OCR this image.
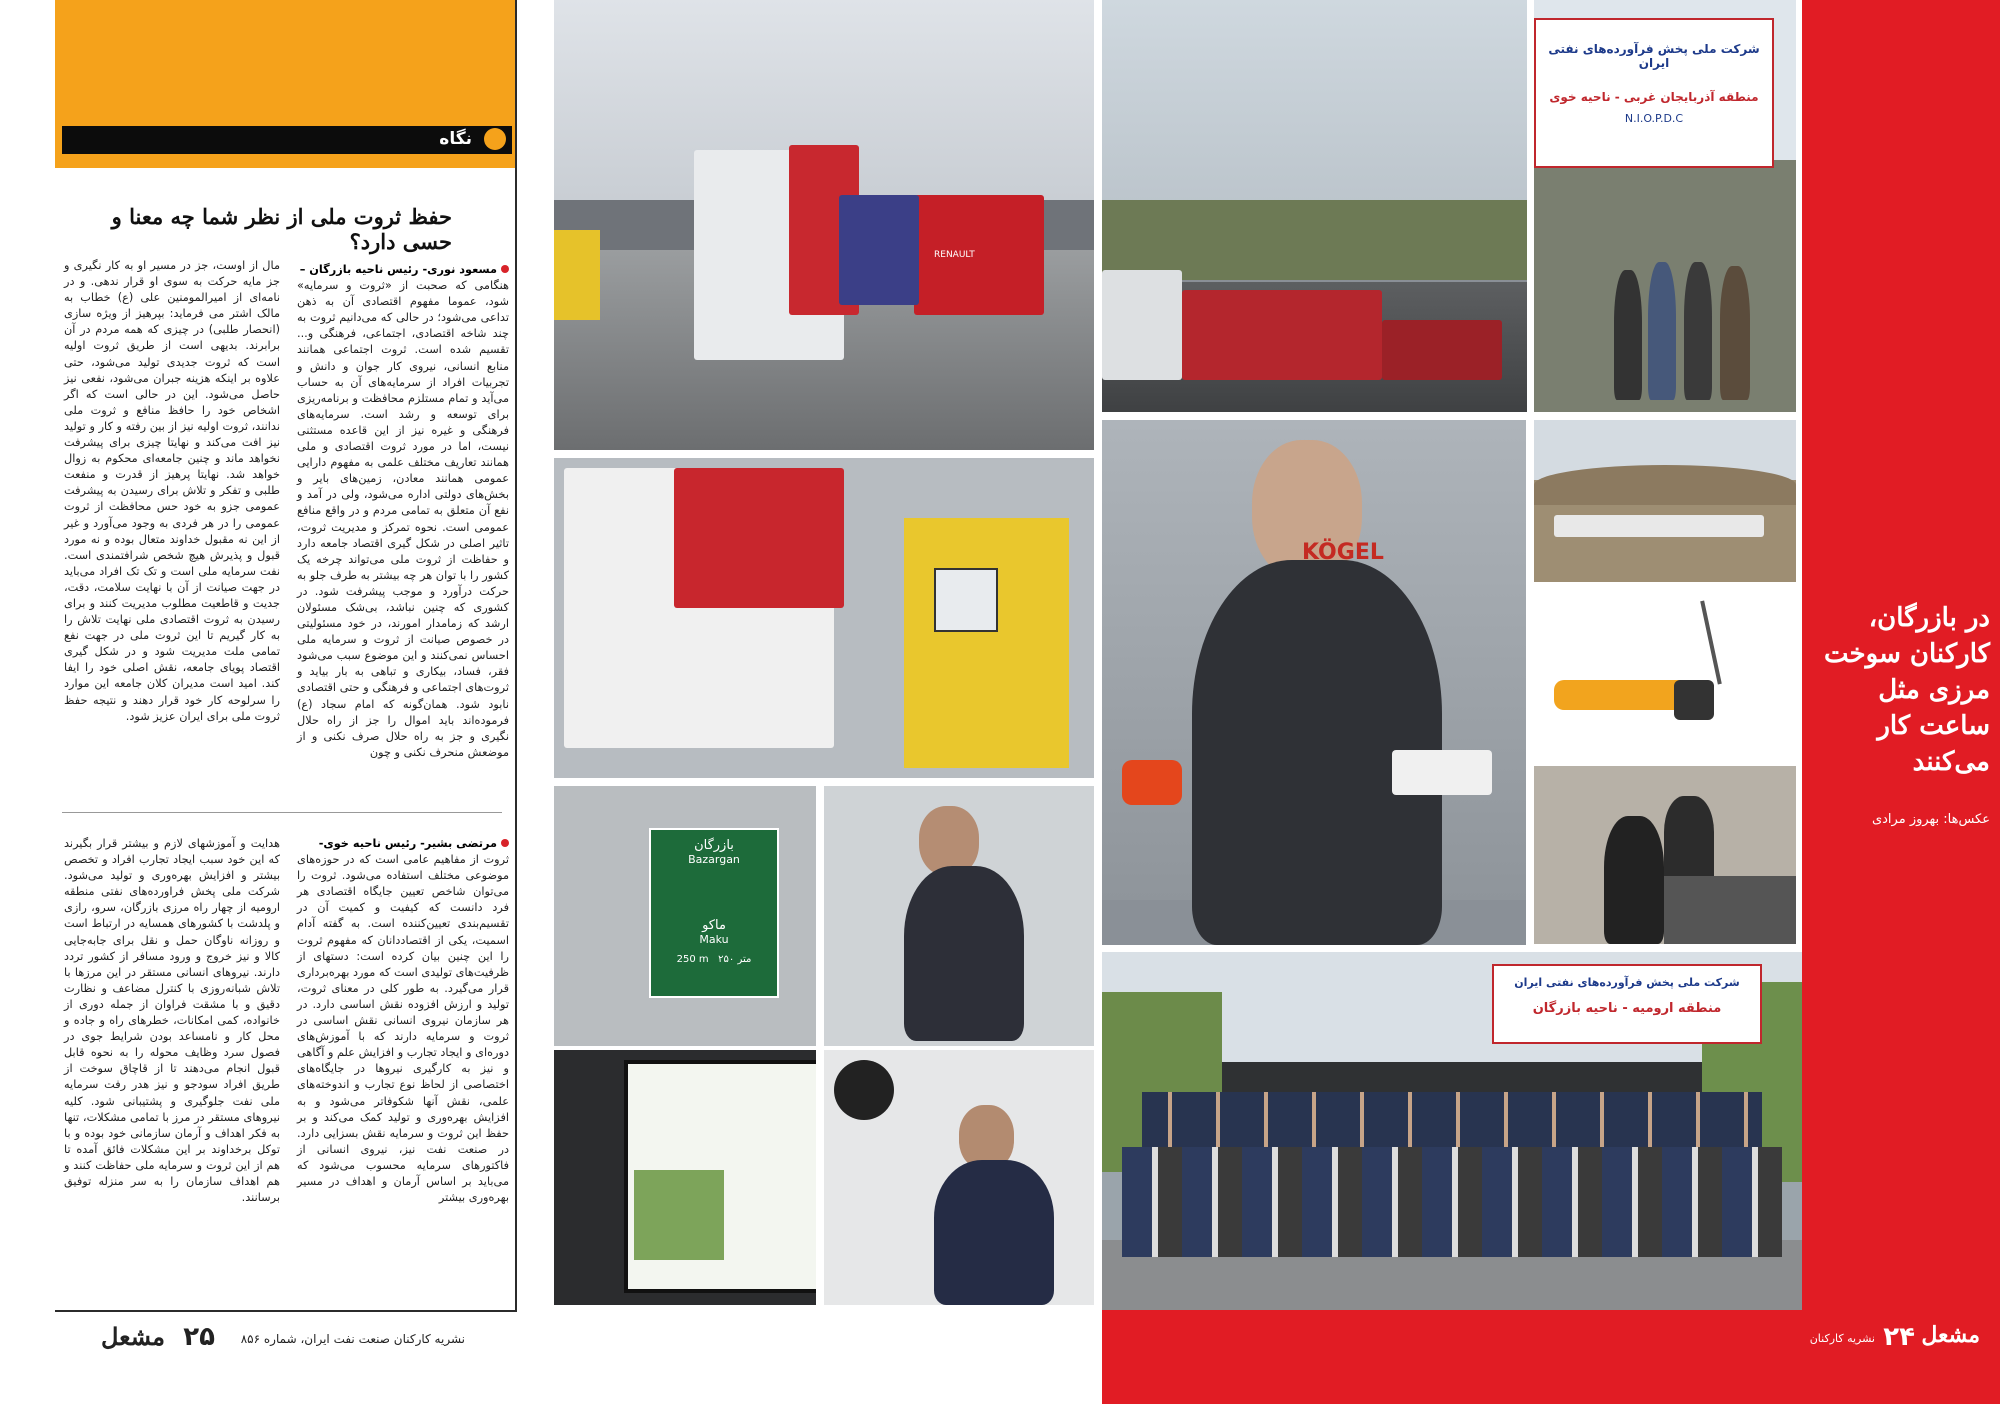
نگاه
حفظ ثروت ملی از نظر شما چه معنا و حسی دارد؟
مسعود نوری- رئیس ناحیه بازرگان –

هنگامی که صحبت از «ثروت و سرمایه» شود، عموما مفهوم اقتصادی آن به ذهن تداعی می‌شود؛ در حالی که می‌دانیم ثروت به چند شاخه اقتصادی، اجتماعی، فرهنگی و... تقسیم شده است. ثروت اجتماعی همانند منابع انسانی، نیروی کار جوان و دانش و تجربیات افراد از سرمایه‌های آن به حساب می‌آید و تمام مستلزم محافظت و برنامه‌ریزی برای توسعه و رشد است. سرمایه‌های فرهنگی و غیره نیز از این قاعده مستثنی نیست، اما در مورد ثروت اقتصادی و ملی همانند تعاریف مختلف علمی به مفهوم دارایی عمومی همانند معادن، زمین‌های بایر و بخش‌های دولتی اداره می‌شود، ولی در آمد و نفع آن متعلق به تمامی مردم و در واقع منافع عمومی است. نحوه تمرکز و مدیریت ثروت، تاثیر اصلی در شکل گیری اقتصاد جامعه دارد و حفاظت از ثروت ملی می‌تواند چرخه یک کشور را با توان هر چه بیشتر به طرف جلو به حرکت درآورد و موجب پیشرفت شود. در کشوری که چنین نباشد، بی‌شک مسئولان ارشد که زمامدار امورند، در خود مسئولیتی در خصوص صیانت از ثروت و سرمایه ملی احساس نمی‌کنند و این موضوع سبب می‌شود فقر، فساد، بیکاری و تباهی به بار بیاید و ثروت‌های اجتماعی و فرهنگی و حتی اقتصادی نابود شود. همان‌گونه که امام سجاد (ع) فرموده‌اند باید اموال را جز از راه حلال نگیری و جز به راه حلال صرف نکنی و از موضعش منحرف نکنی و چون

مال از اوست، جز در مسیر او به کار نگیری و جز مایه حرکت به سوی او قرار ندهی. و در نامه‌ای از امیرالمومنین علی (ع) خطاب به مالک اشتر می فرماید: بپرهیز از ویژه سازی (انحصار طلبی) در چیزی که همه مردم در آن برابرند. بدیهی است از طریق ثروت اولیه است که ثروت جدیدی تولید می‌شود، حتی علاوه بر اینکه هزینه جبران می‌شود، نفعی نیز حاصل می‌شود. این در حالی است که اگر اشخاص خود را حافظ منافع و ثروت ملی ندانند، ثروت اولیه نیز از بین رفته و کار و تولید نیز افت می‌کند و نهایتا چیزی برای پیشرفت نخواهد ماند و چنین جامعه‌ای محکوم به زوال خواهد شد. نهایتا پرهیز از قدرت و منفعت طلبی و تفکر و تلاش برای رسیدن به پیشرفت عمومی جزو به خود حس محافظت از ثروت عمومی را در هر فردی به وجود می‌آورد و غیر از این نه مقبول خداوند متعال بوده و نه مورد قبول و پذیرش هیچ شخص شرافتمندی است. نفت سرمایه ملی است و تک تک افراد می‌باید در جهت صیانت از آن با نهایت سلامت، دقت، جدیت و قاطعیت مطلوب مدیریت کنند و برای رسیدن به ثروت اقتصادی ملی نهایت تلاش را به کار گیریم تا این ثروت ملی در جهت نفع تمامی ملت مدیریت شود و در شکل گیری اقتصاد پویای جامعه، نقش اصلی خود را ایفا کند. امید است مدیران کلان جامعه این موارد را سرلوحه کار خود قرار دهند و نتیجه حفظ ثروت ملی برای ایران عزیز شود.

مرتضی بشیر- رئیس ناحیه خوی-

ثروت از مفاهیم عامی است که در حوزه‌های موضوعی مختلف استفاده می‌شود. ثروت را می‌توان شاخص تعیین جایگاه اقتصادی هر فرد دانست که کیفیت و کمیت آن در تقسیم‌بندی تعیین‌کننده است. به گفته آدام اسمیت، یکی از اقتصاددانان که مفهوم ثروت را این چنین بیان کرده است: دستهای از ظرفیت‌های تولیدی است که مورد بهره‌برداری قرار می‌گیرد. به طور کلی در معنای ثروت، تولید و ارزش افزوده نقش اساسی دارد. در هر سازمان نیروی انسانی نقش اساسی در ثروت و سرمایه دارند که با آموزش‌های دوره‌ای و ایجاد تجارب و افزایش علم و آگاهی و نیز به کارگیری نیروها در جایگاه‌های اختصاصی از لحاظ نوع تجارب و اندوخته‌های علمی، نقش آنها شکوفاتر می‌شود و به افزایش بهره‌وری و تولید کمک می‌کند و بر حفظ این ثروت و سرمایه نقش بسزایی دارد. در صنعت نفت نیز، نیروی انسانی از فاکتورهای سرمایه محسوب می‌شود که می‌باید بر اساس آرمان و اهداف در مسیر بهره‌وری بیشتر

هدایت و آموزشهای لازم و بیشتر قرار بگیرند که این خود سبب ایجاد تجارب افراد و تخصص بیشتر و افزایش بهره‌وری و تولید می‌شود. شرکت ملی پخش فراورده‌های نفتی منطقه ارومیه از چهار راه مرزی بازرگان، سرو، رازی و پلدشت با کشورهای همسایه در ارتباط است و روزانه ناوگان حمل و نقل برای جابه‌جایی کالا و نیز خروج و ورود مسافر از کشور تردد دارند. نیروهای انسانی مستقر در این مرزها با تلاش شبانه‌روزی با کنترل مضاعف و نظارت دقیق و با مشقت فراوان از جمله دوری از خانواده، کمی امکانات، خطرهای راه و جاده و محل کار و نامساعد بودن شرایط جوی در فصول سرد وظایف محوله را به نحوه قابل قبول انجام می‌دهند تا از قاچاق سوخت از طریق افراد سودجو و نیز هدر رفت سرمایه ملی نفت جلوگیری و پشتیبانی شود. کلیه نیروهای مستقر در مرز با تمامی مشکلات، تنها به فکر اهداف و آرمان سازمانی خود بوده و با توکل برخداوند بر این مشکلات فائق آمده تا هم از این ثروت و سرمایه ملی حفاظت کنند و هم اهداف سازمان را به سر منزله توفیق برسانند.

نشریه کارکنان صنعت نفت ایران، شماره ۸۵۶
۲۵
مشعل
RENAULT
شرکت ملی پخش فرآورده‌های نفتی ایران
منطقه آذربایجان غربی - ناحیه خوی
N.I.O.P.D.C
KÖGEL
بازرگان
Bazargan
ماکو
Maku
250 m ۲۵۰ متر
شرکت ملی پخش فرآورده‌های نفتی ایران
منطقه ارومیه - ناحیه بازرگان
در بازرگان، کارکنان سوخت مرزی مثل ساعت کار می‌کنند
عکس‌ها: بهروز مرادی
مشعل
۲۴
نشریه کارکنان
